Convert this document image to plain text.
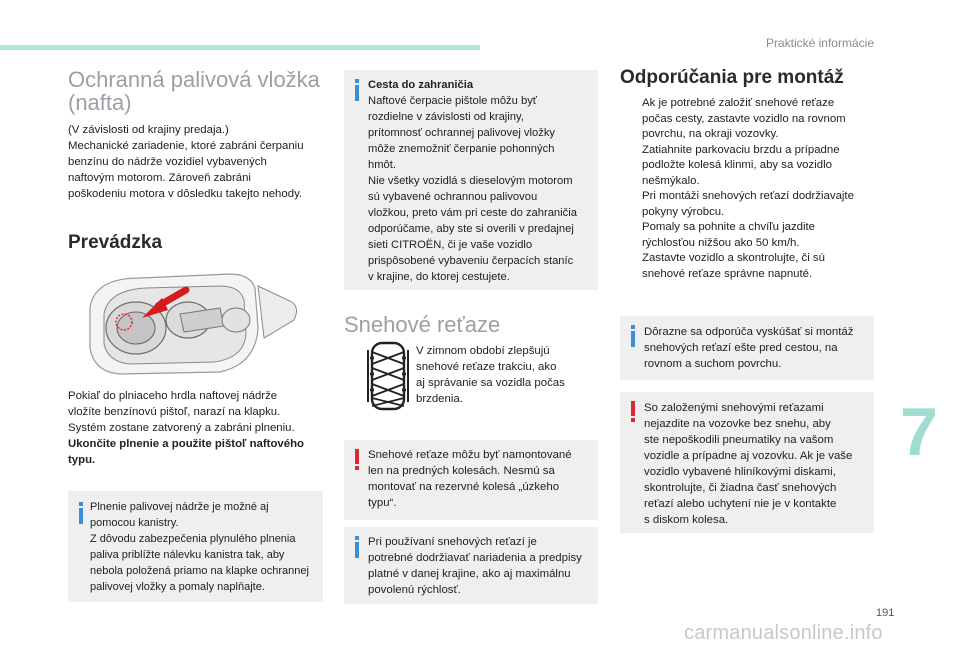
Praktické informácie
Ochranná palivová vložka
(nafta)

(V závislosti od krajiny predaja.)

Mechanické zariadenie, ktoré zabráni čerpaniu

benzínu do nádrže vozidiel vybavených

naftovým motorom. Zároveň zabráni

poškodeniu motora v dôsledku takejto nehody.

Prevádzka

Pokiaľ do plniaceho hrdla naftovej nádrže

vložíte benzínovú pištoľ, narazí na klapku.

Systém zostane zatvorený a zabráni plneniu.

Ukončite plnenie a použite pištoľ naftového

typu.

Plnenie palivovej nádrže je možné aj

pomocou kanistry.

Z dôvodu zabezpečenia plynulého plnenia

paliva priblížte nálevku kanistra tak, aby

nebola položená priamo na klapke ochrannej

palivovej vložky a pomaly naplňajte.

Cesta do zahraničia

Naftové čerpacie pištole môžu byť

rozdielne v závislosti od krajiny,

prítomnosť ochrannej palivovej vložky

môže znemožniť čerpanie pohonných

hmôt.

Nie všetky vozidlá s dieselovým motorom

sú vybavené ochrannou palivovou

vložkou, preto vám pri ceste do zahraničia

odporúčame, aby ste si overili v predajnej

sieti CITROËN, či je vaše vozidlo

prispôsobené vybaveniu čerpacích staníc

v krajine, do ktorej cestujete.

Snehové reťaze

V zimnom období zlepšujú

snehové reťaze trakciu, ako

aj správanie sa vozidla počas

brzdenia.

Snehové reťaze môžu byť namontované

len na predných kolesách. Nesmú sa

montovať na rezervné kolesá „úzkeho

typu“.

Pri používaní snehových reťazí je

potrebné dodržiavať nariadenia a predpisy

platné v danej krajine, ako aj maximálnu

povolenú rýchlosť.

Odporúčania pre montáž
Ak je potrebné založiť snehové reťaze
počas cesty, zastavte vozidlo na rovnom
povrchu, na okraji vozovky.
Zatiahnite parkovaciu brzdu a prípadne
podložte kolesá klinmi, aby sa vozidlo
nešmýkalo.
Pri montáži snehových reťazí dodržiavajte
pokyny výrobcu.
Pomaly sa pohnite a chvíľu jazdite
rýchlosťou nižšou ako 50 km/h.
Zastavte vozidlo a skontrolujte, či sú
snehové reťaze správne napnuté.

Dôrazne sa odporúča vyskúšať si montáž

snehových reťazí ešte pred cestou, na

rovnom a suchom povrchu.

So založenými snehovými reťazami

nejazdite na vozovke bez snehu, aby

ste nepoškodili pneumatiky na vašom

vozidle a prípadne aj vozovku. Ak je vaše

vozidlo vybavené hliníkovými diskami,

skontrolujte, či žiadna časť snehových

reťazí alebo uchytení nie je v kontakte

s diskom kolesa.

7
191
carmanualsonline.info
